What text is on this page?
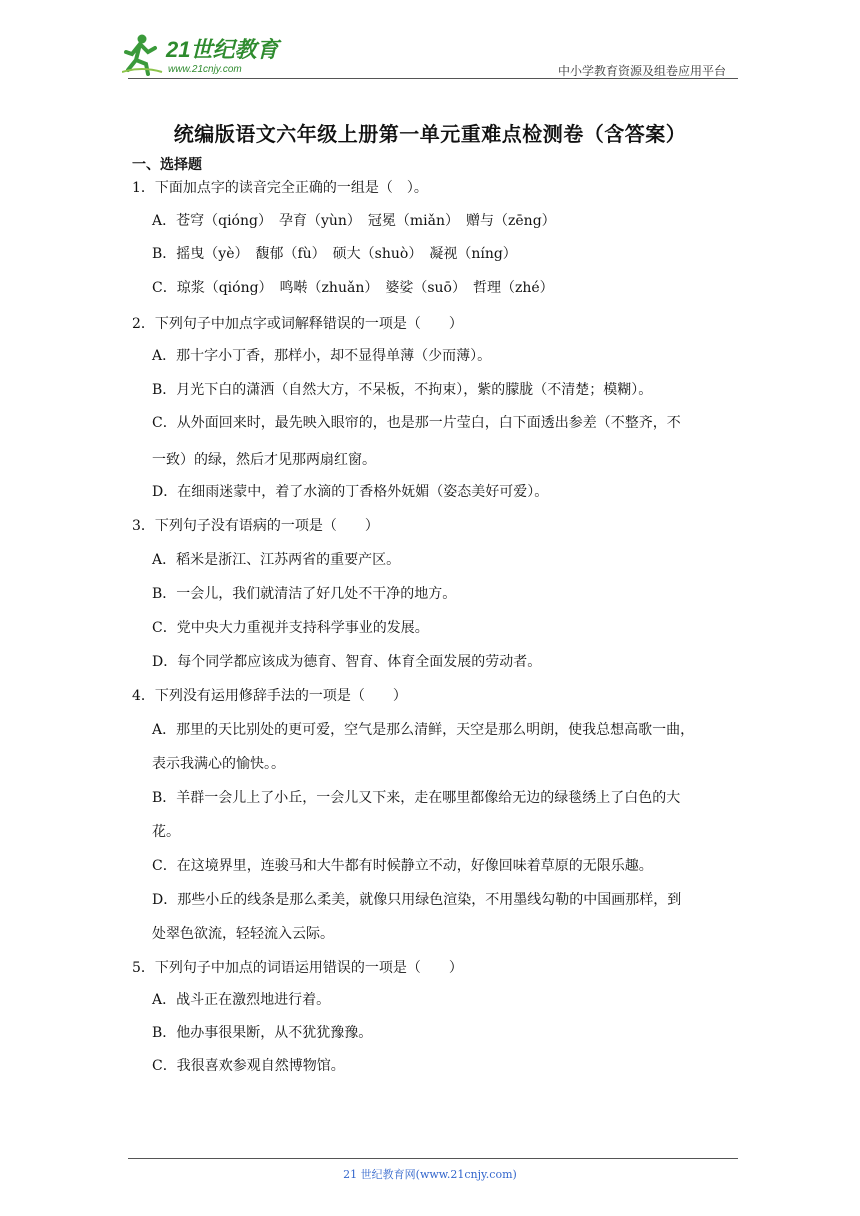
21世纪教育
www.21cnjy.com	中小学教育资源及组卷应用平台
统编版语文六年级上册第一单元重难点检测卷（含答案）
一、选择题
1．下面加点字的读音完全正确的一组是（　）。
A．苍穹（qióng）　孕育（yùn）　冠冕（miǎn）　赠与（zēng）
B．摇曳（yè）　馥郁（fù）　硕大（shuò）　凝视（níng）
C．琼浆（qióng）　鸣啭（zhuǎn）　婆娑（suō）　哲理（zhé）
2．下列句子中加点字或词解释错误的一项是（　　）
A．那十字小丁香，那样小，却不显得单薄（少而薄）。
B．月光下白的潇洒（自然大方，不呆板，不拘束），紫的朦胧（不清楚；模糊）。
C．从外面回来时，最先映入眼帘的，也是那一片莹白，白下面透出参差（不整齐，不
一致）的绿，然后才见那两扇红窗。
D．在细雨迷蒙中，着了水滴的丁香格外妩媚（姿态美好可爱）。
3．下列句子没有语病的一项是（　　）
A．稻米是浙江、江苏两省的重要产区。
B．一会儿，我们就清洁了好几处不干净的地方。
C．党中央大力重视并支持科学事业的发展。
D．每个同学都应该成为德育、智育、体育全面发展的劳动者。
4．下列没有运用修辞手法的一项是（　　）
A．那里的天比别处的更可爱，空气是那么清鲜，天空是那么明朗，使我总想高歌一曲，
表示我满心的愉快。。
B．羊群一会儿上了小丘，一会儿又下来，走在哪里都像给无边的绿毯绣上了白色的大
花。
C．在这境界里，连骏马和大牛都有时候静立不动，好像回味着草原的无限乐趣。
D．那些小丘的线条是那么柔美，就像只用绿色渲染，不用墨线勾勒的中国画那样，到
处翠色欲流，轻轻流入云际。
5．下列句子中加点的词语运用错误的一项是（　　）
A．战斗正在激烈地进行着。
B．他办事很果断，从不犹犹豫豫。
C．我很喜欢参观自然博物馆。
21 世纪教育网(www.21cnjy.com)
